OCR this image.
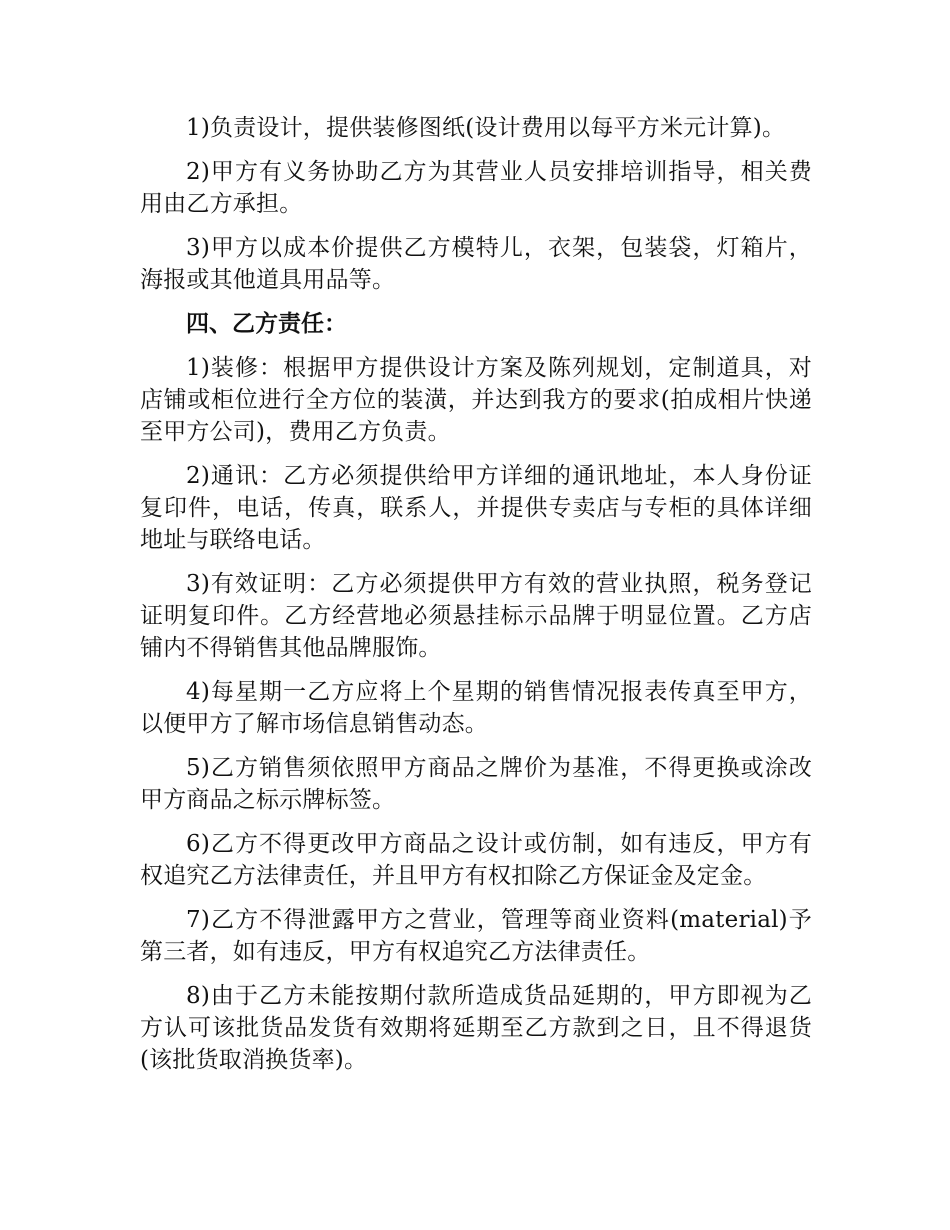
1)负责设计，提供装修图纸(设计费用以每平方米元计算)。

2)甲方有义务协助乙方为其营业人员安排培训指导，相关费用由乙方承担。

3)甲方以成本价提供乙方模特儿，衣架，包装袋，灯箱片，海报或其他道具用品等。

四、乙方责任：

1)装修：根据甲方提供设计方案及陈列规划，定制道具，对店铺或柜位进行全方位的装潢，并达到我方的要求(拍成相片快递至甲方公司)，费用乙方负责。

2)通讯：乙方必须提供给甲方详细的通讯地址，本人身份证复印件，电话，传真，联系人，并提供专卖店与专柜的具体详细地址与联络电话。

3)有效证明：乙方必须提供甲方有效的营业执照，税务登记证明复印件。乙方经营地必须悬挂标示品牌于明显位置。乙方店铺内不得销售其他品牌服饰。

4)每星期一乙方应将上个星期的销售情况报表传真至甲方，以便甲方了解市场信息销售动态。

5)乙方销售须依照甲方商品之牌价为基准，不得更换或涂改甲方商品之标示牌标签。

6)乙方不得更改甲方商品之设计或仿制，如有违反，甲方有权追究乙方法律责任，并且甲方有权扣除乙方保证金及定金。

7)乙方不得泄露甲方之营业，管理等商业资料(material)予第三者，如有违反，甲方有权追究乙方法律责任。

8)由于乙方未能按期付款所造成货品延期的，甲方即视为乙方认可该批货品发货有效期将延期至乙方款到之日，且不得退货(该批货取消换货率)。
